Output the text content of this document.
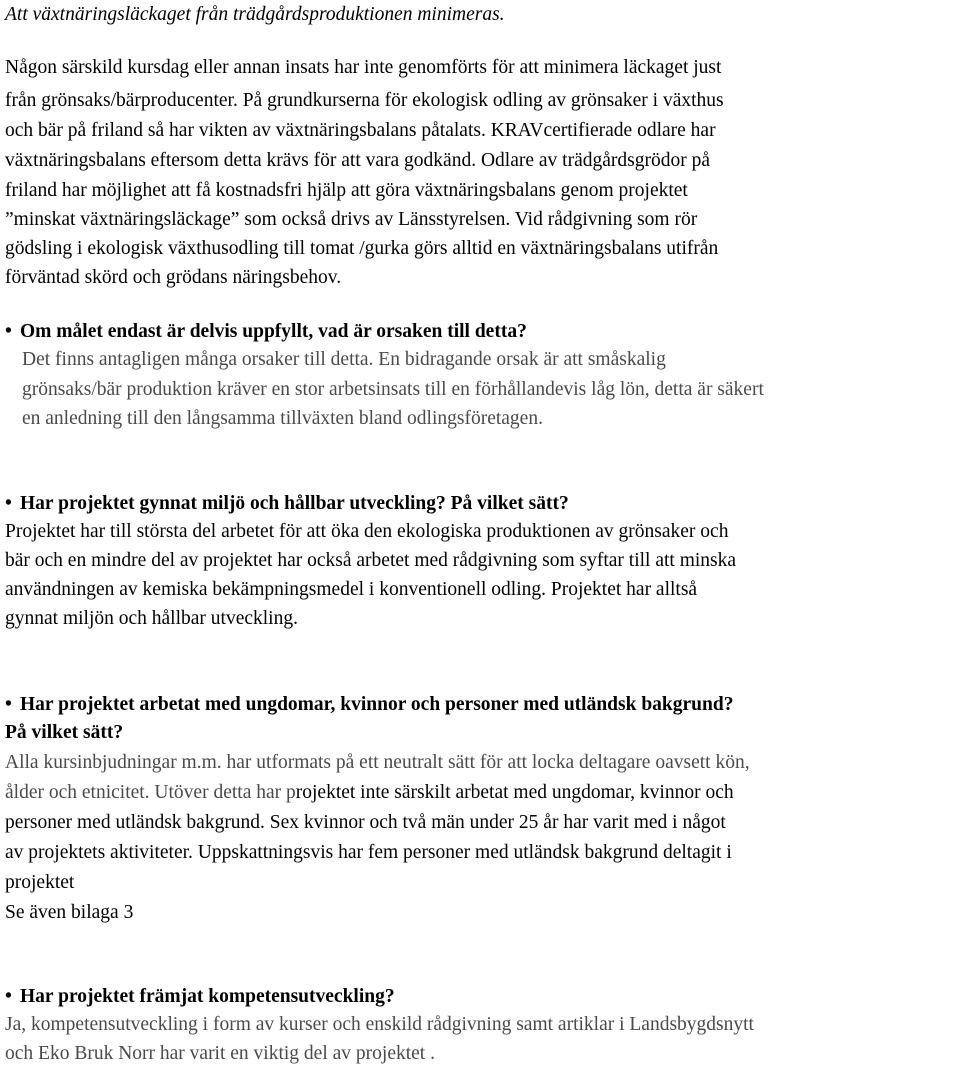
Att växtnäringsläckaget från trädgårdsproduktionen minimeras.
Någon särskild kursdag eller annan insats har inte genomförts för att minimera läckaget just
från grönsaks/bärproducenter. På grundkurserna för ekologisk odling av grönsaker i växthus
och bär på friland så har vikten av växtnäringsbalans påtalats. KRAVcertifierade odlare har
växtnäringsbalans eftersom detta krävs för att vara godkänd. Odlare av trädgårdsgrödor på
friland har möjlighet att få kostnadsfri hjälp att göra växtnäringsbalans genom projektet
”minskat växtnäringsläckage” som också drivs av Länsstyrelsen. Vid rådgivning som rör
gödsling i ekologisk växthusodling till tomat /gurka görs alltid en växtnäringsbalans utifrån
förväntad skörd och grödans näringsbehov.
• Om målet endast är delvis uppfyllt, vad är orsaken till detta?
Det finns antagligen många orsaker till detta. En bidragande orsak är att småskalig
grönsaks/bär produktion kräver en stor arbetsinsats till en förhållandevis låg lön, detta är säkert
en anledning till den långsamma tillväxten bland odlingsföretagen.
• Har projektet gynnat miljö och hållbar utveckling? På vilket sätt?
Projektet har till största del arbetet för att öka den ekologiska produktionen av grönsaker och
bär och en mindre del av projektet har också arbetet med rådgivning som syftar till att minska
användningen av kemiska bekämpningsmedel i konventionell odling. Projektet har alltså
gynnat miljön och hållbar utveckling.
• Har projektet arbetat med ungdomar, kvinnor och personer med utländsk bakgrund?
På vilket sätt?
Alla kursinbjudningar m.m. har utformats på ett neutralt sätt för att locka deltagare oavsett kön,
ålder och etnicitet. Utöver detta har projektet inte särskilt arbetat med ungdomar, kvinnor och
personer med utländsk bakgrund. Sex kvinnor och två män under 25 år har varit med i något
av projektets aktiviteter. Uppskattningsvis har fem personer med utländsk bakgrund deltagit i
projektet
Se även bilaga 3
• Har projektet främjat kompetensutveckling?
Ja, kompetensutveckling i form av kurser och enskild rådgivning samt artiklar i Landsbygdsnytt
och Eko Bruk Norr har varit en viktig del av projektet .
